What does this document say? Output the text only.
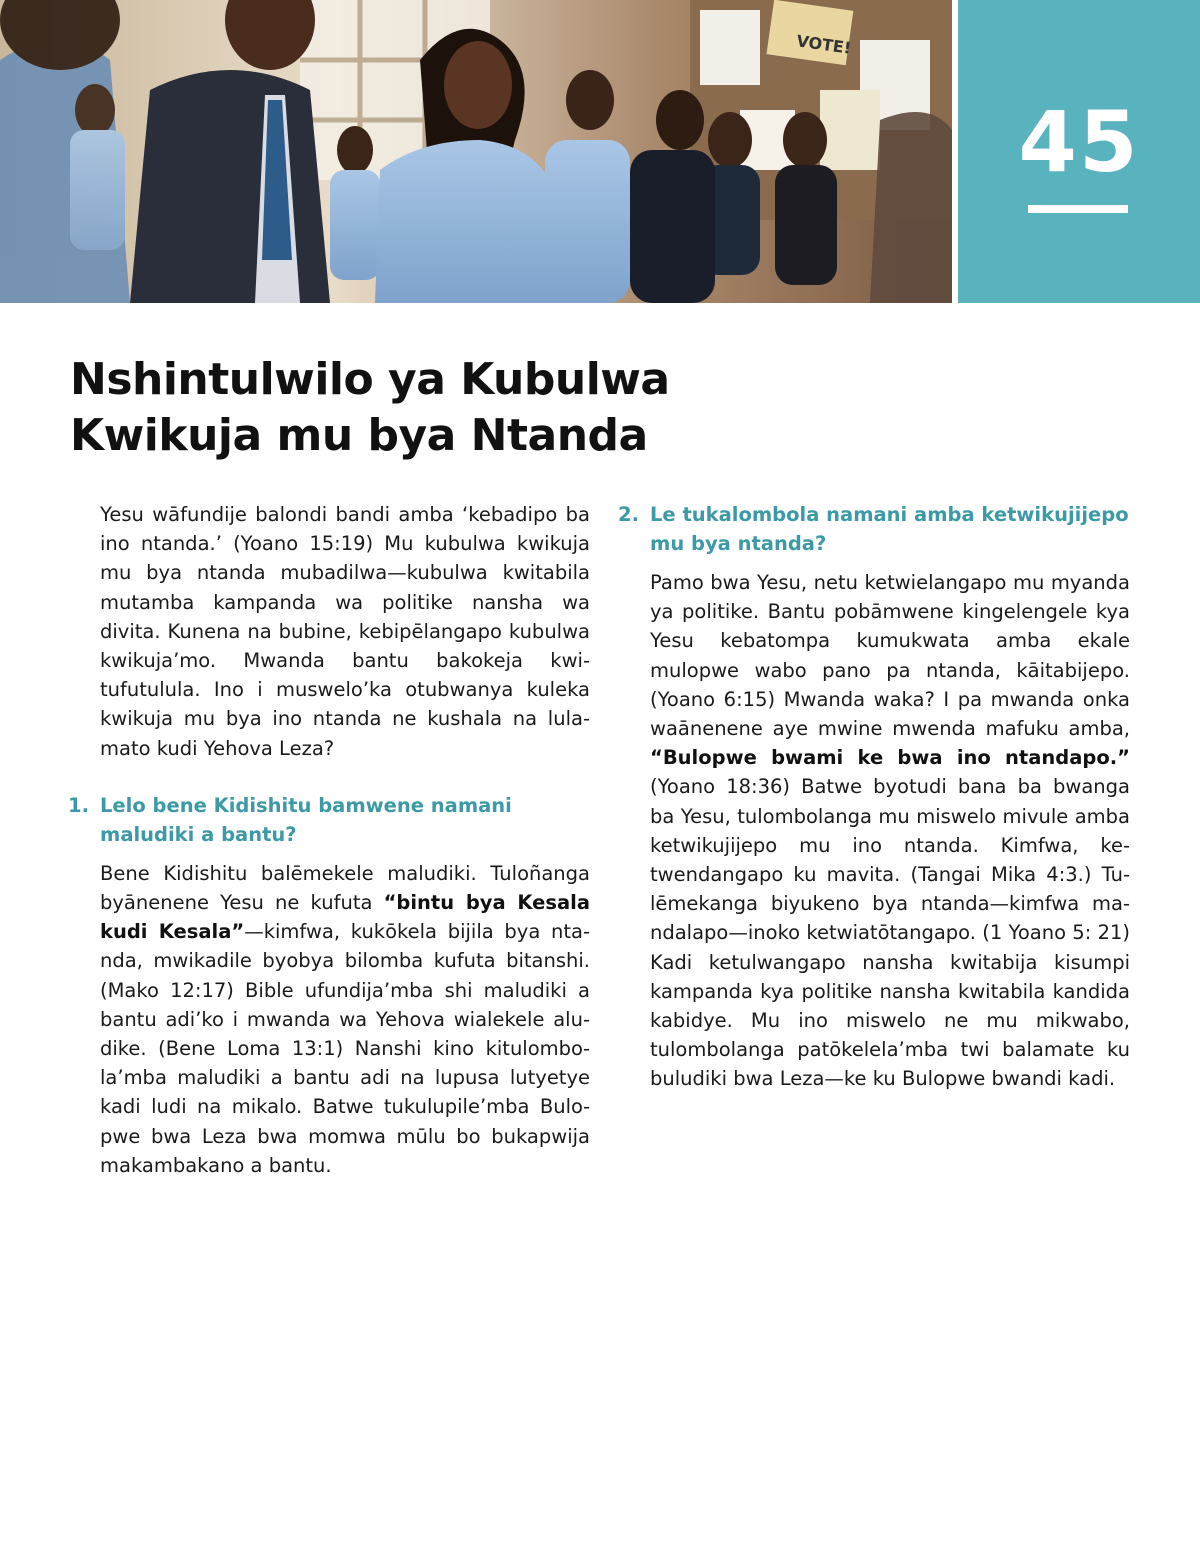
VOTE!
45
Nshintulwilo ya Kubulwa
Kwikuja mu bya Ntanda

Yesu wāfundije balondi bandi amba ‘kebadipo ba ino ntanda.’ (Yoano 15:19) Mu kubulwa kwikuja mu bya ntanda mubadilwa—kubulwa kwitabila mutamba kampanda wa politike nansha wa divita. Kunena na bubine, kebipēlangapo kubulwa kwikuja’mo. Mwanda bantu bakokeja kwitufutulula. Ino i muswelo’ka otubwanya kuleka kwikuja mu bya ino ntanda ne kushala na lulamato kudi Yehova Leza?

1. Lelo bene Kidishitu bamwene namani maludiki a bantu?

Bene Kidishitu balēmekele maludiki. Tuloñanga byānenene Yesu ne kufuta “bintu bya Kesala kudi Kesala”—kimfwa, kukōkela bijila bya ntanda, mwikadile byobya bilomba kufuta bitanshi. (Mako 12:17) Bible ufundija’mba shi maludiki a bantu adi’ko i mwanda wa Yehova wialekele aludike. (Bene Loma 13:1) Nanshi kino kitulombola’mba maludiki a bantu adi na lupusa lutyetye kadi ludi na mikalo. Batwe tukulupile’mba Bulopwe bwa Leza bwa momwa mūlu bo bukapwija makambakano a bantu.

2. Le tukalombola namani amba ketwikujijepo mu bya ntanda?

Pamo bwa Yesu, netu ketwielangapo mu myanda ya politike. Bantu pobāmwene kingelengele kya Yesu kebatompa kumukwata amba ekale mulopwe wabo pano pa ntanda, kāitabijepo. (Yoano 6:15) Mwanda waka? I pa mwanda onka waānenene aye mwine mwenda mafuku amba, “Bulopwe bwami ke bwa ino ntandapo.” (Yoano 18:36) Batwe byotudi bana ba bwanga ba Yesu, tulombolanga mu miswelo mivule amba ketwikujijepo mu ino ntanda. Kimfwa, ketwendangapo ku mavita. (Tangai Mika 4:3.) Tulēmekanga biyukeno bya ntanda—kimfwa mandalapo—inoko ketwiatōtangapo. (1 Yoano 5: 21) Kadi ketulwangapo nansha kwitabija kisumpi kampanda kya politike nansha kwitabila kandida kabidye. Mu ino miswelo ne mu mikwabo, tulombolanga patōkelela’mba twi balamate ku buludiki bwa Leza—ke ku Bulopwe bwandi kadi.
